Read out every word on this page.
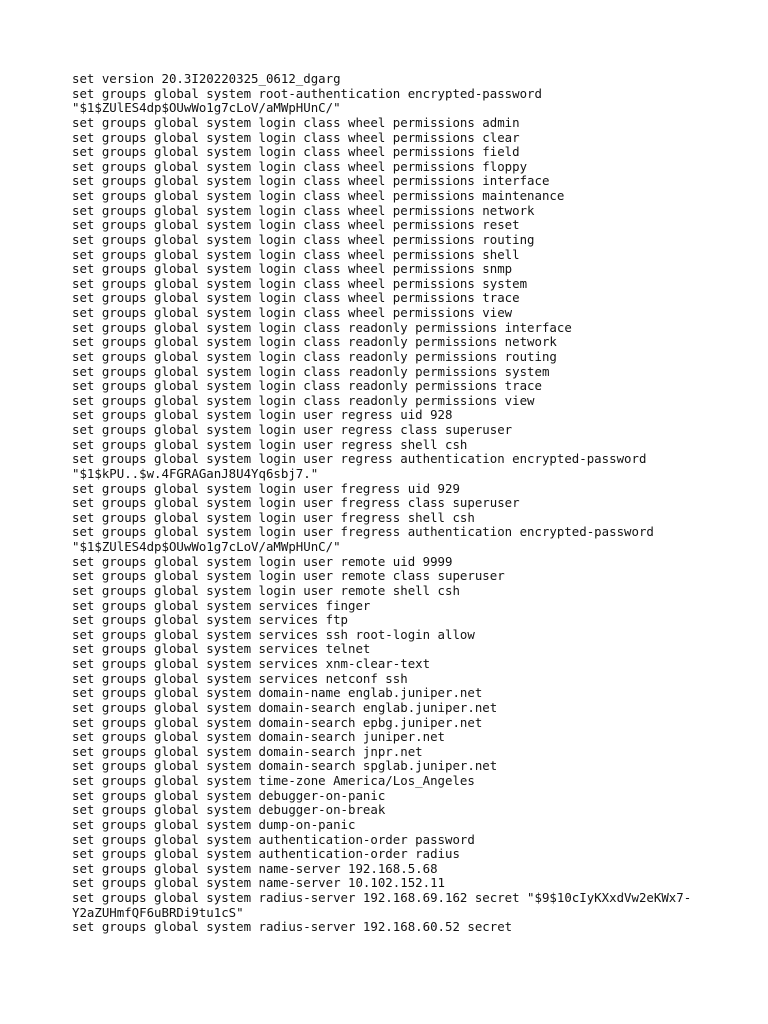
set version 20.3I20220325_0612_dgarg
set groups global system root-authentication encrypted-password
"$1$ZUlES4dp$OUwWo1g7cLoV/aMWpHUnC/"
set groups global system login class wheel permissions admin
set groups global system login class wheel permissions clear
set groups global system login class wheel permissions field
set groups global system login class wheel permissions floppy
set groups global system login class wheel permissions interface
set groups global system login class wheel permissions maintenance
set groups global system login class wheel permissions network
set groups global system login class wheel permissions reset
set groups global system login class wheel permissions routing
set groups global system login class wheel permissions shell
set groups global system login class wheel permissions snmp
set groups global system login class wheel permissions system
set groups global system login class wheel permissions trace
set groups global system login class wheel permissions view
set groups global system login class readonly permissions interface
set groups global system login class readonly permissions network
set groups global system login class readonly permissions routing
set groups global system login class readonly permissions system
set groups global system login class readonly permissions trace
set groups global system login class readonly permissions view
set groups global system login user regress uid 928
set groups global system login user regress class superuser
set groups global system login user regress shell csh
set groups global system login user regress authentication encrypted-password
"$1$kPU..$w.4FGRAGanJ8U4Yq6sbj7."
set groups global system login user fregress uid 929
set groups global system login user fregress class superuser
set groups global system login user fregress shell csh
set groups global system login user fregress authentication encrypted-password
"$1$ZUlES4dp$OUwWo1g7cLoV/aMWpHUnC/"
set groups global system login user remote uid 9999
set groups global system login user remote class superuser
set groups global system login user remote shell csh
set groups global system services finger
set groups global system services ftp
set groups global system services ssh root-login allow
set groups global system services telnet
set groups global system services xnm-clear-text
set groups global system services netconf ssh
set groups global system domain-name englab.juniper.net
set groups global system domain-search englab.juniper.net
set groups global system domain-search epbg.juniper.net
set groups global system domain-search juniper.net
set groups global system domain-search jnpr.net
set groups global system domain-search spglab.juniper.net
set groups global system time-zone America/Los_Angeles
set groups global system debugger-on-panic
set groups global system debugger-on-break
set groups global system dump-on-panic
set groups global system authentication-order password
set groups global system authentication-order radius
set groups global system name-server 192.168.5.68
set groups global system name-server 10.102.152.11
set groups global system radius-server 192.168.69.162 secret "$9$10cIyKXxdVw2eKWx7-
Y2aZUHmfQF6uBRDi9tu1cS"
set groups global system radius-server 192.168.60.52 secret
